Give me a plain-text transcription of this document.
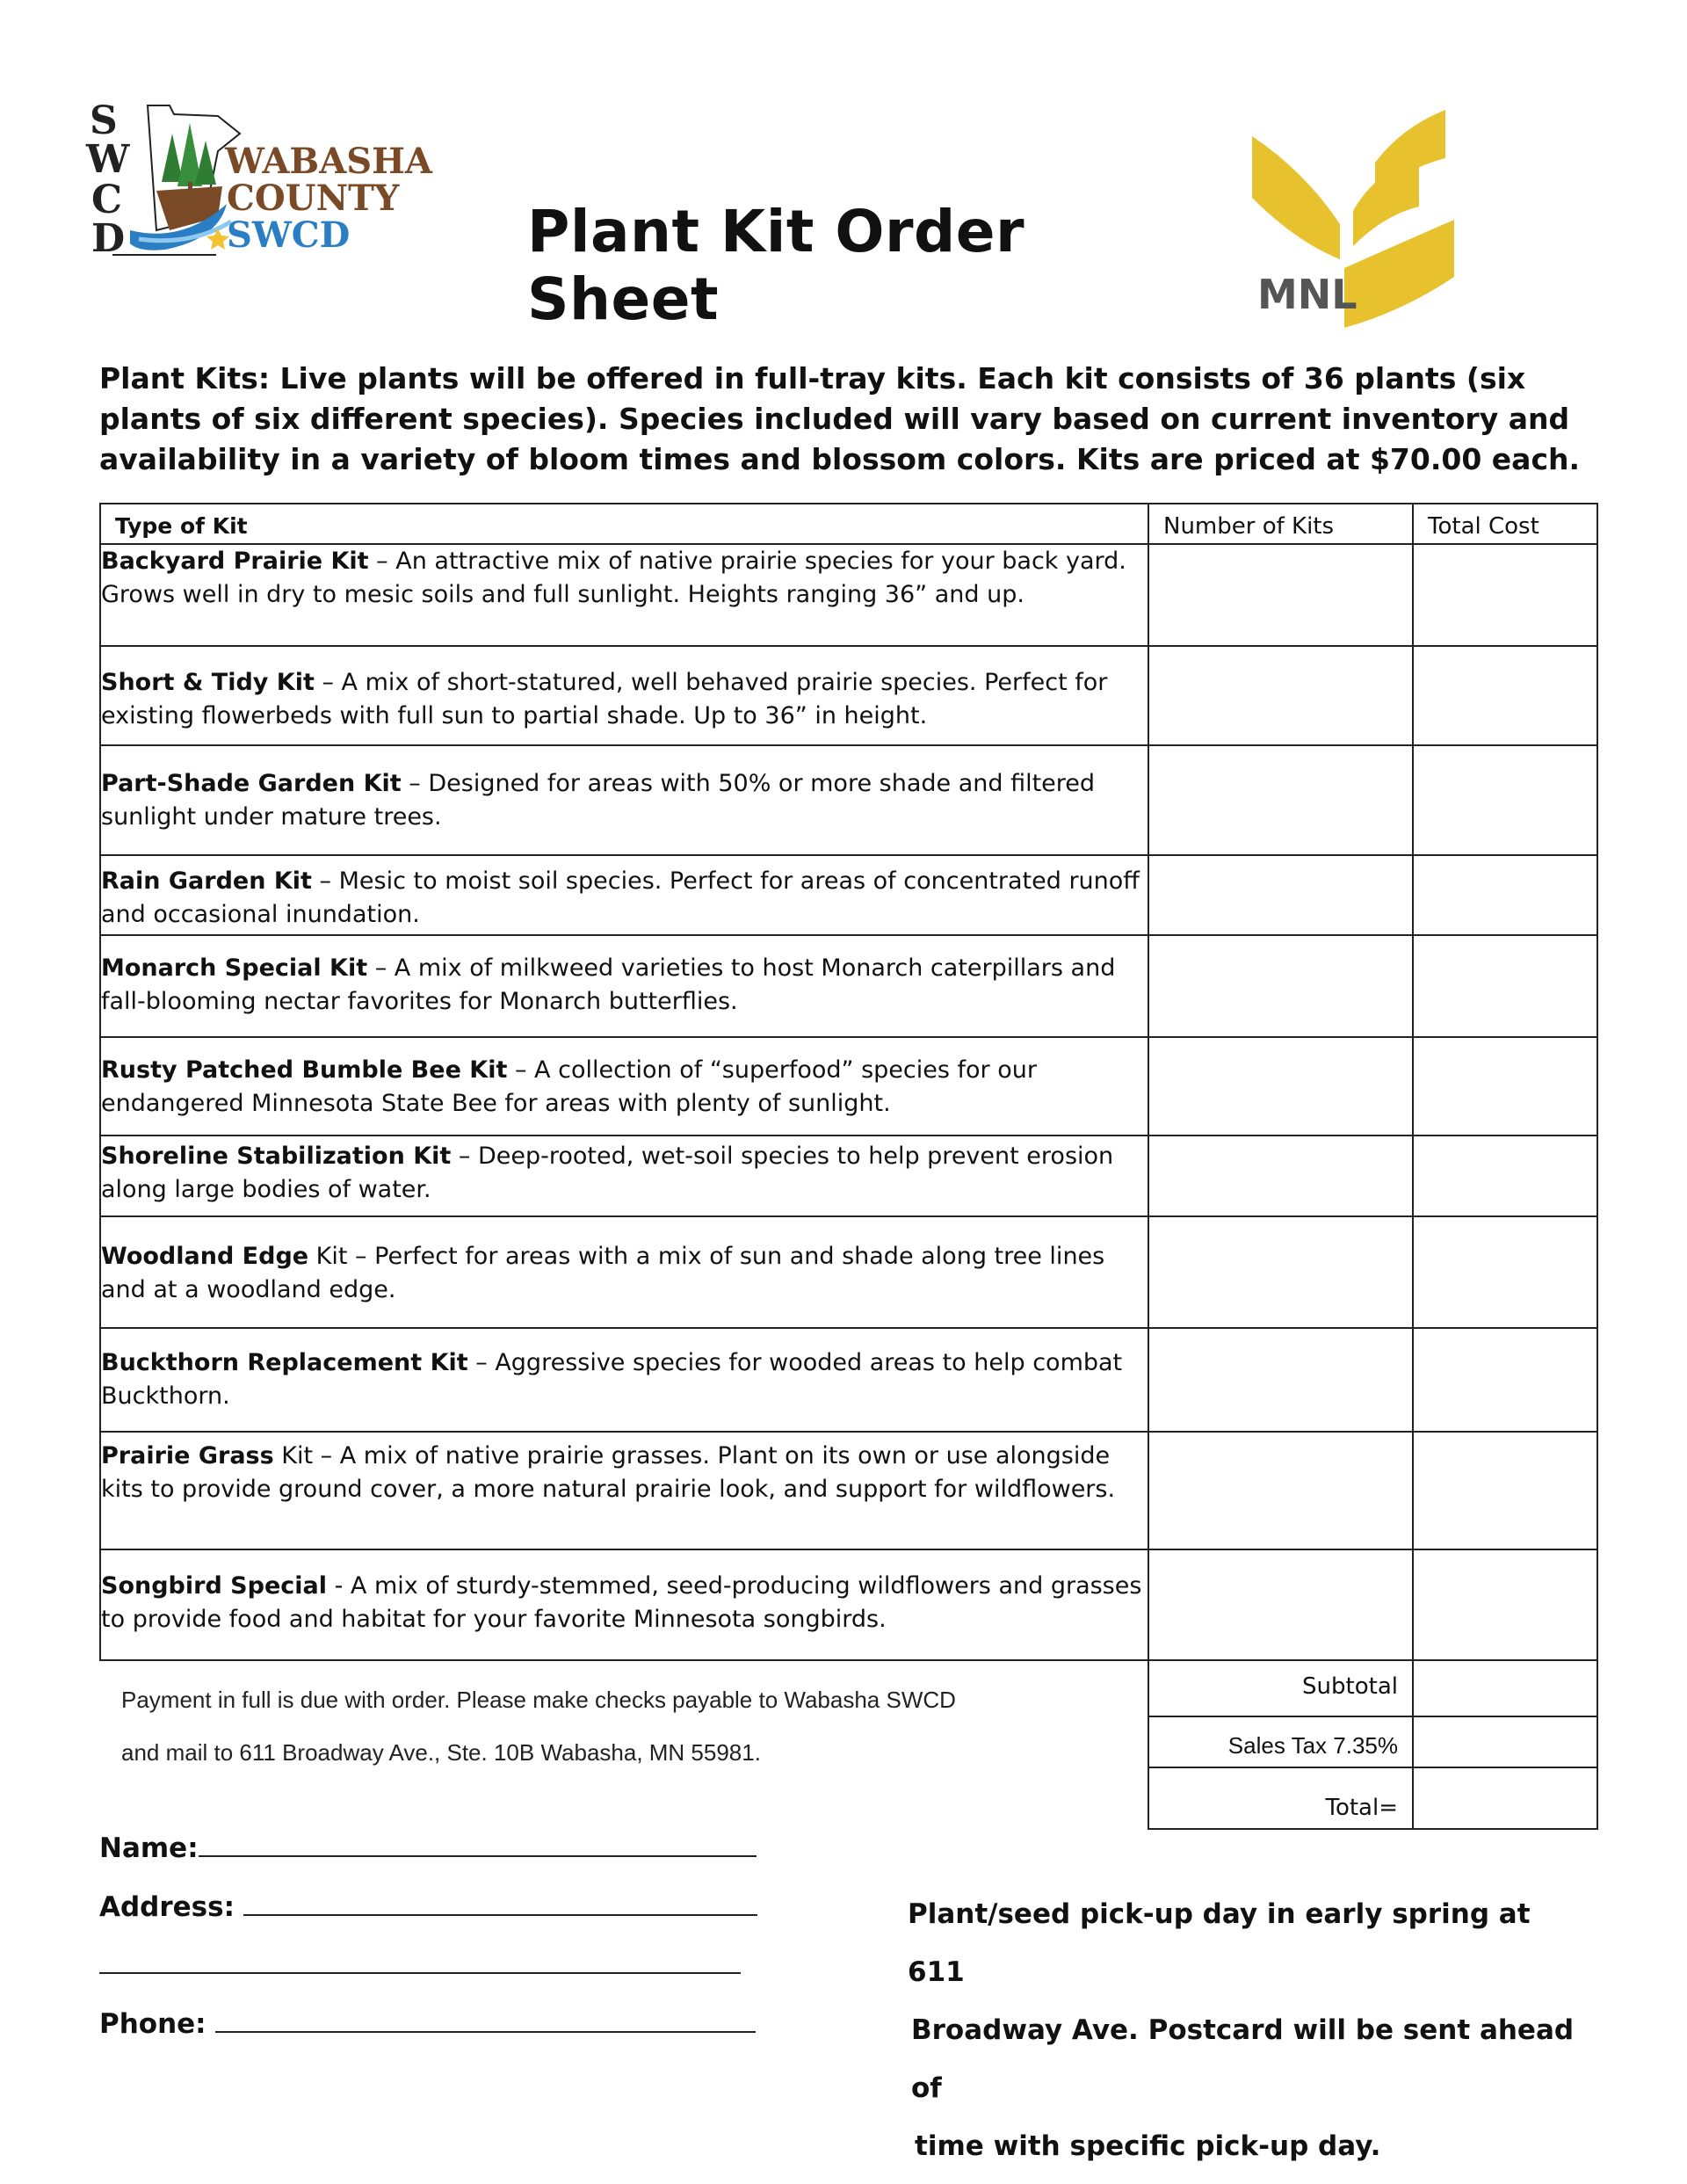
S
W
C
D
WABASHA
COUNTY
SWCD	Plant Kit Order Sheet	MNL
Plant Kits: Live plants will be offered in full-tray kits. Each kit consists of 36 plants (six plants of six different species). Species included will vary based on current inventory and availability in a variety of bloom times and blossom colors. Kits are priced at $70.00 each.
Type of Kit	Number of Kits	Total Cost
Backyard Prairie Kit – An attractive mix of native prairie species for your back yard. Grows well in dry to mesic soils and full sunlight. Heights ranging 36” and up.		
Short & Tidy Kit – A mix of short-statured, well behaved prairie species. Perfect for existing flowerbeds with full sun to partial shade. Up to 36” in height.		
Part-Shade Garden Kit – Designed for areas with 50% or more shade and filtered sunlight under mature trees.		
Rain Garden Kit – Mesic to moist soil species. Perfect for areas of concentrated runoff and occasional inundation.		
Monarch Special Kit – A mix of milkweed varieties to host Monarch caterpillars and fall-blooming nectar favorites for Monarch butterflies.		
Rusty Patched Bumble Bee Kit – A collection of “superfood” species for our endangered Minnesota State Bee for areas with plenty of sunlight.		
Shoreline Stabilization Kit – Deep-rooted, wet-soil species to help prevent erosion along large bodies of water.		
Woodland Edge Kit – Perfect for areas with a mix of sun and shade along tree lines and at a woodland edge.		
Buckthorn Replacement Kit – Aggressive species for wooded areas to help combat Buckthorn.		
Prairie Grass Kit – A mix of native prairie grasses. Plant on its own or use alongside kits to provide ground cover, a more natural prairie look, and support for wildflowers.		
Songbird Special - A mix of sturdy-stemmed, seed-producing wildflowers and grasses to provide food and habitat for your favorite Minnesota songbirds.		

Payment in full is due with order. Please make checks payable to Wabasha SWCD
and mail to 611 Broadway Ave., Ste. 10B Wabasha, MN 55981.	Subtotal	
	Sales Tax 7.35%	
	Total=	
Name:
Address:
Phone:
Plant/seed pick-up day in early spring at 611
Broadway Ave. Postcard will be sent ahead of
time with specific pick-up day.
